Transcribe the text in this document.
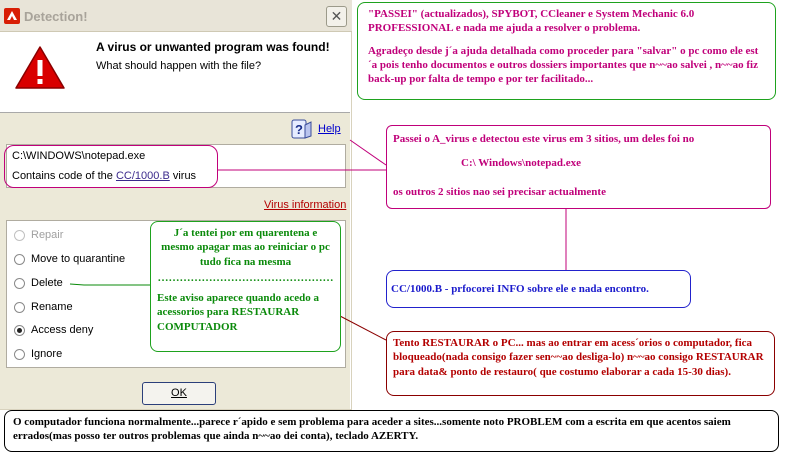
Detection!	✕
A virus or unwanted program was found!
What should happen with the file?
? Help
C:\WINDOWS\notepad.exe
Contains code of the CC/1000.B virus
Virus information
Repair
Move to quarantine
Delete
Rename
Access deny
Ignore
OK

"PASSEI" (actualizados), SPYBOT, CCleaner e System Mechanic 6.0 PROFESSIONAL e nada me ajuda a resolver o problema.

Agradeço desde j´a ajuda detalhada como proceder para "salvar" o pc como ele est´a pois tenho documentos e outros dossiers importantes que n~~ao salvei , n~~ao fiz back-up por falta de tempo e por ter facilitado...

Passei o A_virus e detectou este virus em 3 sitios, um deles foi no
C:\ Windows\notepad.exe
os outros 2 sitios nao sei precisar actualmente
CC/1000.B - prfocorei INFO sobre ele e nada encontro.
Tento RESTAURAR o PC... mas ao entrar em acess´orios o computador, fica bloqueado(nada consigo fazer sen~~ao desliga-lo) n~~ao consigo RESTAURAR para data& ponto de restauro( que costumo elaborar a cada 15-30 dias).

J´a tentei por em quarentena e mesmo apagar mas ao reiniciar o pc tudo fica na mesma

…………………………………………

Este aviso aparece quando acedo a acessorios para RESTAURAR COMPUTADOR

O computador funciona normalmente...parece r´apido e sem problema para aceder a sites...somente noto PROBLEM com a escrita em que acentos saiem errados(mas posso ter outros problemas que ainda n~~ao dei conta), teclado AZERTY.
